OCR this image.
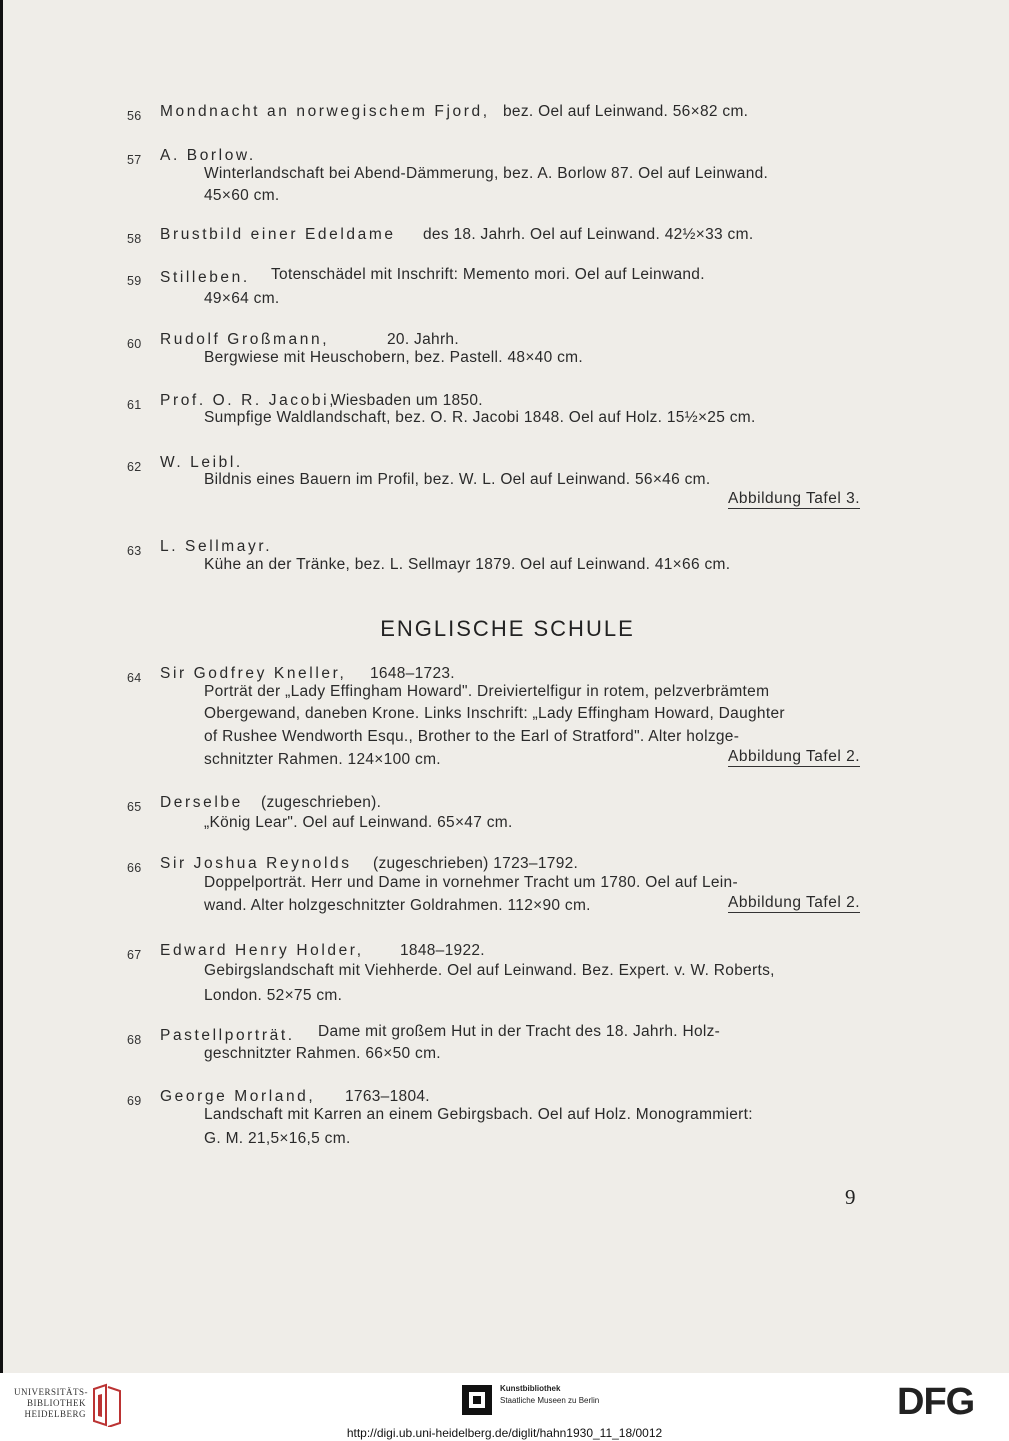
56 Mondnacht an norwegischem Fjord, bez. Oel auf Leinwand. 56×82 cm.
57 A. Borlow.
Winterlandschaft bei Abend-Dämmerung, bez. A. Borlow 87. Oel auf Leinwand.
45×60 cm.
58 Brustbild einer Edeldame des 18. Jahrh. Oel auf Leinwand. 42½×33 cm.
59 Stilleben. Totenschädel mit Inschrift: Memento mori. Oel auf Leinwand.
49×64 cm.
60 Rudolf Großmann,	20. Jahrh.
Bergwiese mit Heuschobern, bez. Pastell. 48×40 cm.
61 Prof. O. R. Jacobi,
Wiesbaden um 1850.
Sumpfige Waldlandschaft, bez. O. R. Jacobi 1848. Oel auf Holz. 15½×25 cm.
62 W. Leibl.
Bildnis eines Bauern im Profil, bez. W. L. Oel auf Leinwand. 56×46 cm.
Abbildung Tafel 3.
63 L. Sellmayr.
Kühe an der Tränke, bez. L. Sellmayr 1879. Oel auf Leinwand. 41×66 cm.
ENGLISCHE SCHULE
64 Sir Godfrey Kneller, 1648–1723.
Porträt der „Lady Effingham Howard". Dreiviertelfigur in rotem, pelzverbrämtem
Obergewand, daneben Krone. Links Inschrift: „Lady Effingham Howard, Daughter
of Rushee Wendworth Esqu., Brother to the Earl of Stratford". Alter holzge-
schnitzter Rahmen. 124×100 cm.	Abbildung Tafel 2.
65 Derselbe (zugeschrieben).
„König Lear". Oel auf Leinwand. 65×47 cm.
66 Sir Joshua Reynolds (zugeschrieben) 1723–1792.
Doppelporträt. Herr und Dame in vornehmer Tracht um 1780. Oel auf Lein-
wand. Alter holzgeschnitzter Goldrahmen. 112×90 cm.	Abbildung Tafel 2.
67 Edward Henry Holder, 1848–1922.
Gebirgslandschaft mit Viehherde. Oel auf Leinwand. Bez. Expert. v. W. Roberts,
London. 52×75 cm.
68 Pastellporträt. Dame mit großem Hut in der Tracht des 18. Jahrh. Holz-
geschnitzter Rahmen. 66×50 cm.
69 George Morland, 1763–1804.
Landschaft mit Karren an einem Gebirgsbach. Oel auf Holz. Monogrammiert:
G. M. 21,5×16,5 cm.
9
UNIVERSITÄTS-
BIBLIOTHEK
HEIDELBERG
Kunstbibliothek
Staatliche Museen zu Berlin	DFG
http://digi.ub.uni-heidelberg.de/diglit/hahn1930_11_18/0012
